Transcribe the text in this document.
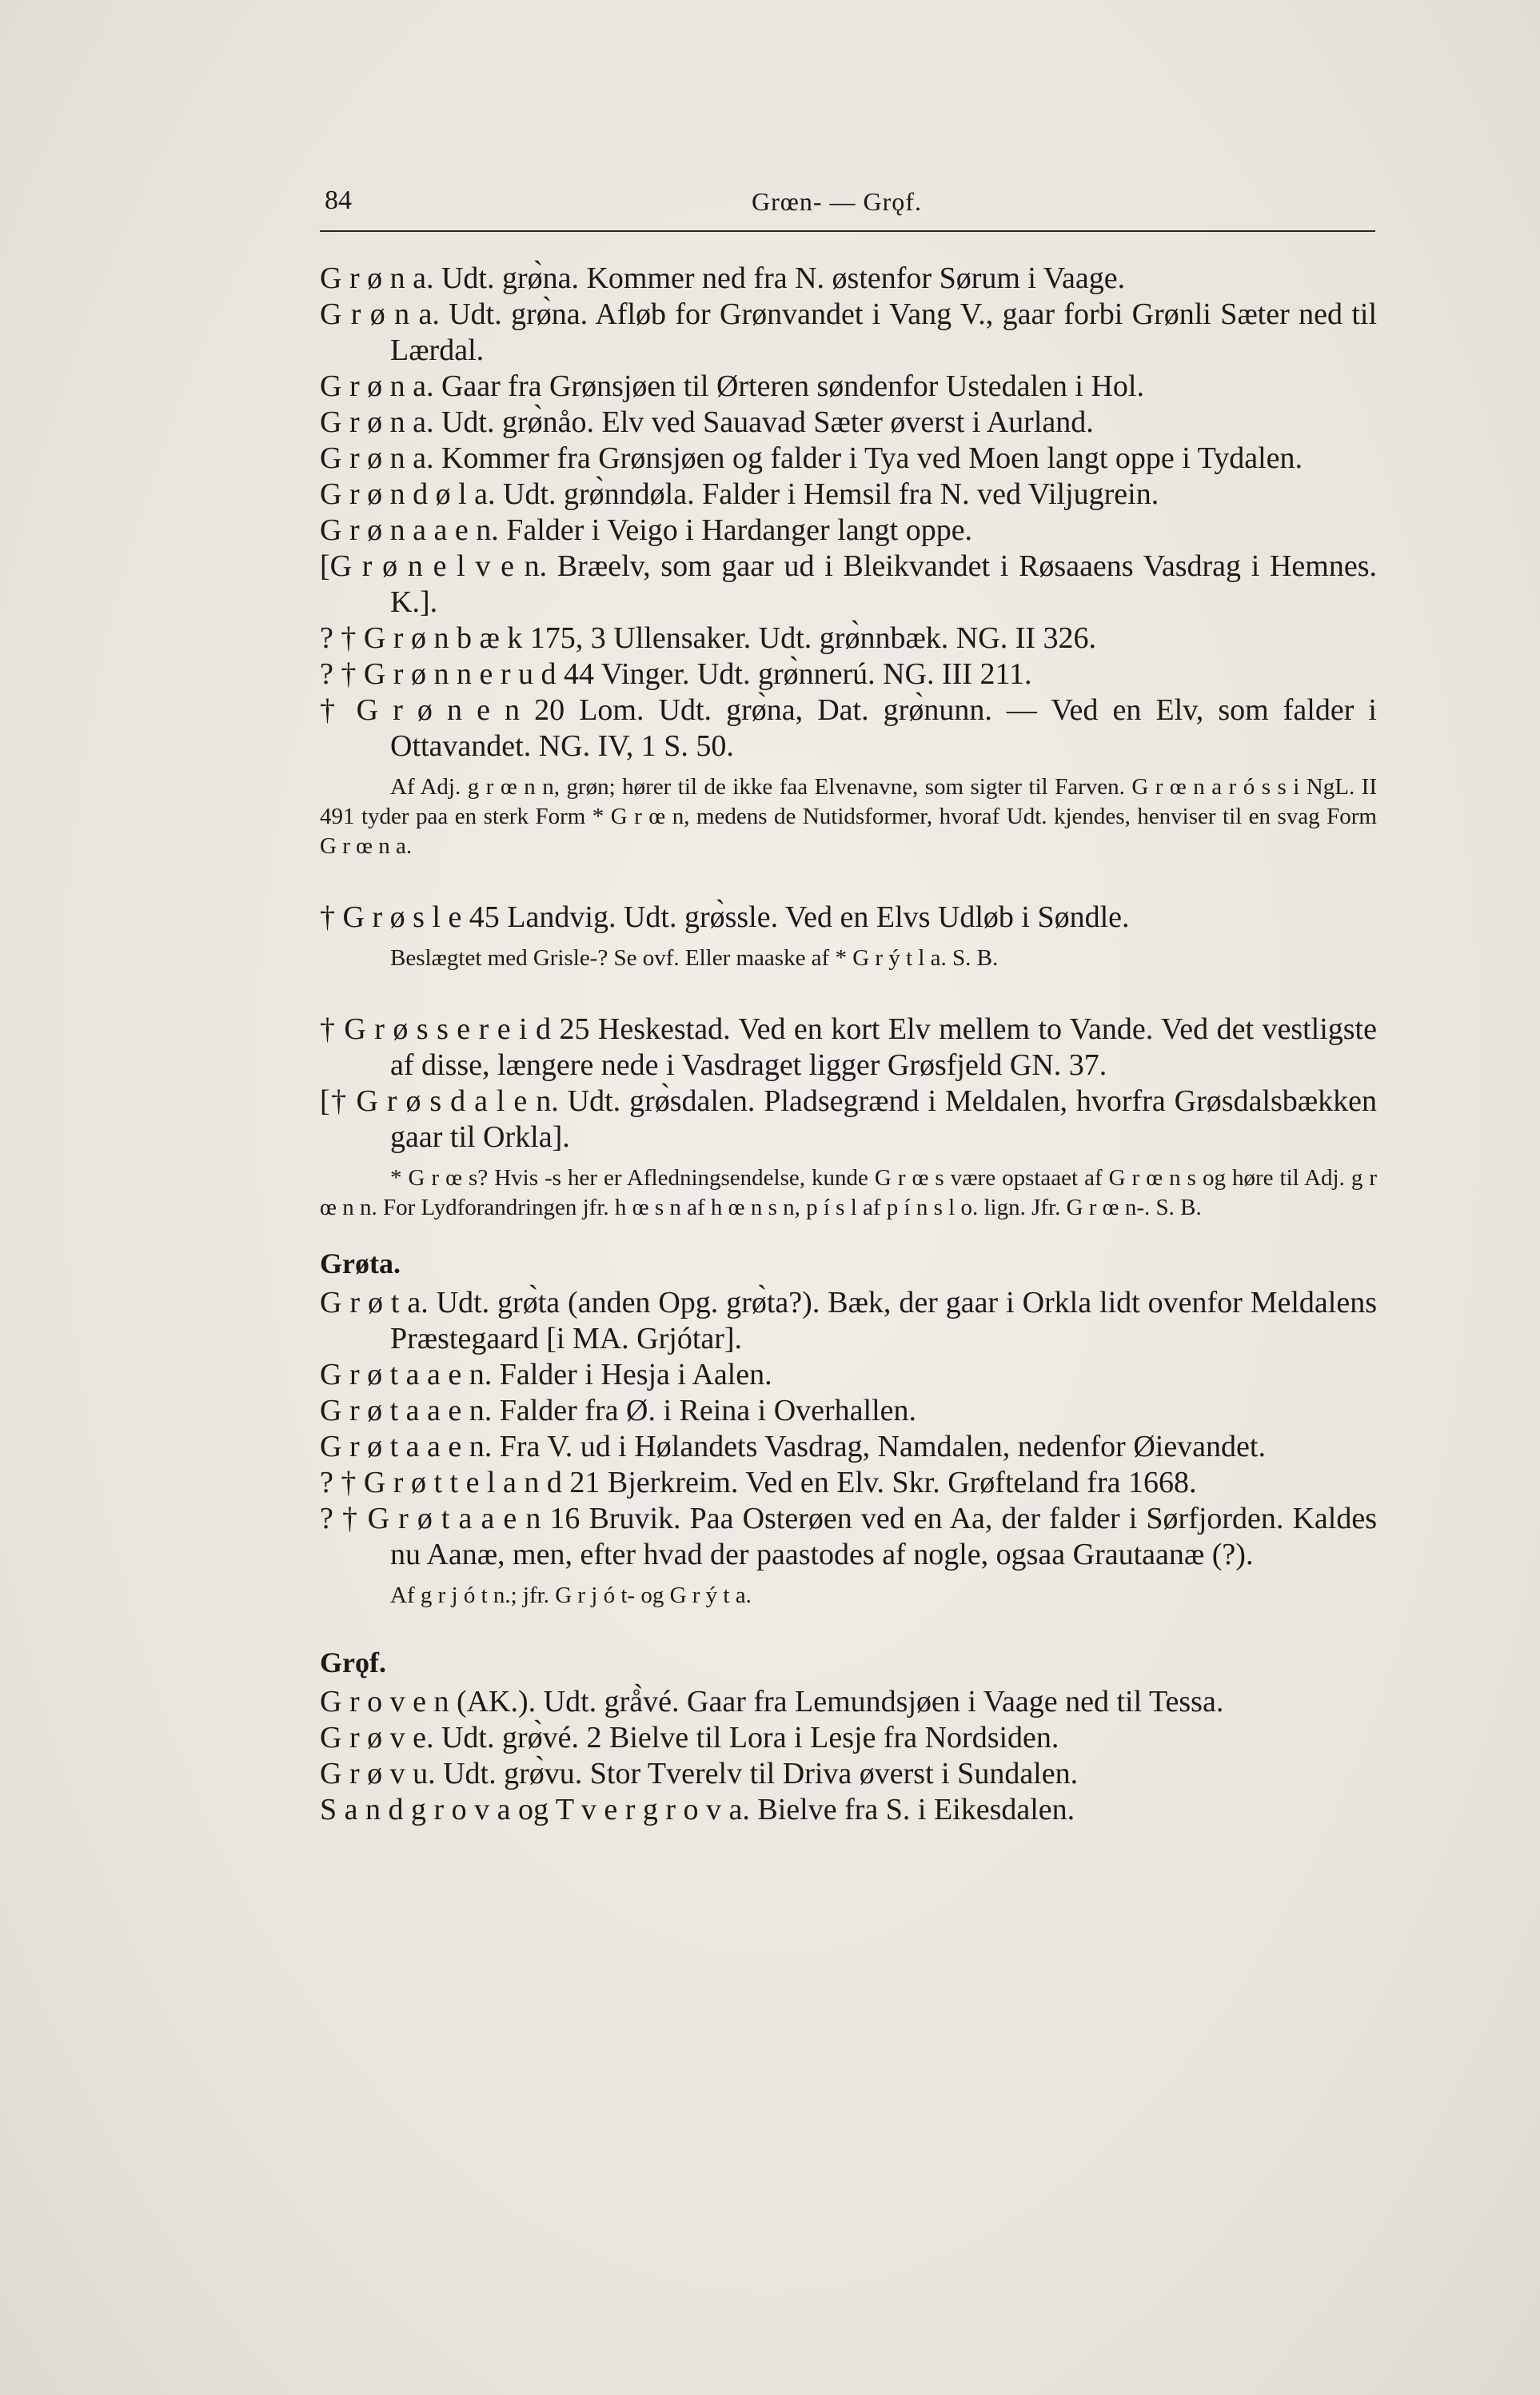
84	Grœn- — Grǫf.

G r ø n a. Udt. grø̀na. Kommer ned fra N. østenfor Sørum i Vaage.

G r ø n a. Udt. grø̀na. Afløb for Grønvandet i Vang V., gaar forbi Grønli Sæter ned til Lærdal.

G r ø n a. Gaar fra Grønsjøen til Ørteren søndenfor Ustedalen i Hol.

G r ø n a. Udt. grø̀nåo. Elv ved Sauavad Sæter øverst i Aurland.

G r ø n a. Kommer fra Grønsjøen og falder i Tya ved Moen langt oppe i Tydalen.

G r ø n d ø l a. Udt. grø̀nndøla. Falder i Hemsil fra N. ved Viljugrein.

G r ø n a a e n. Falder i Veigo i Hardanger langt oppe.

[G r ø n e l v e n. Bræelv, som gaar ud i Bleikvandet i Røsaaens Vasdrag i Hemnes. K.].

? † G r ø n b æ k 175, 3 Ullensaker. Udt. grø̀nnbæk. NG. II 326.

? † G r ø n n e r u d 44 Vinger. Udt. grø̀nnerú. NG. III 211.

† G r ø n e n 20 Lom. Udt. grø̀na, Dat. grø̀nunn. — Ved en Elv, som falder i Ottavandet. NG. IV, 1 S. 50.

Af Adj. g r œ n n, grøn; hører til de ikke faa Elvenavne, som sigter til Farven. G r œ n a r ó s s i NgL. II 491 tyder paa en sterk Form * G r œ n, medens de Nutidsformer, hvoraf Udt. kjendes, henviser til en svag Form G r œ n a.

† G r ø s l e 45 Landvig. Udt. grø̀ssle. Ved en Elvs Udløb i Søndle.

Beslægtet med Grisle-? Se ovf. Eller maaske af * G r ý t l a. S. B.

† G r ø s s e r e i d 25 Heskestad. Ved en kort Elv mellem to Vande. Ved det vestligste af disse, længere nede i Vasdraget ligger Grøsfjeld GN. 37.

[† G r ø s d a l e n. Udt. grø̀sdalen. Pladsegrænd i Meldalen, hvorfra Grøsdalsbækken gaar til Orkla].

* G r œ s? Hvis -s her er Afledningsendelse, kunde G r œ s være opstaaet af G r œ n s og høre til Adj. g r œ n n. For Lydforandringen jfr. h œ s n af h œ n s n, p í s l af p í n s l o. lign. Jfr. G r œ n-. S. B.

Grøta.

G r ø t a. Udt. grø̀ta (anden Opg. grø̀ta?). Bæk, der gaar i Orkla lidt ovenfor Meldalens Præstegaard [i MA. Grjótar].

G r ø t a a e n. Falder i Hesja i Aalen.

G r ø t a a e n. Falder fra Ø. i Reina i Overhallen.

G r ø t a a e n. Fra V. ud i Hølandets Vasdrag, Namdalen, nedenfor Øievandet.

? † G r ø t t e l a n d 21 Bjerkreim. Ved en Elv. Skr. Grøfteland fra 1668.

? † G r ø t a a e n 16 Bruvik. Paa Osterøen ved en Aa, der falder i Sørfjorden. Kaldes nu Aanæ, men, efter hvad der paastodes af nogle, ogsaa Grautaanæ (?).

Af g r j ó t n.; jfr. G r j ó t- og G r ý t a.

Grǫf.

G r o v e n (AK.). Udt. grå̀vé. Gaar fra Lemundsjøen i Vaage ned til Tessa.

G r ø v e. Udt. grø̀vé. 2 Bielve til Lora i Lesje fra Nordsiden.

G r ø v u. Udt. grø̀vu. Stor Tverelv til Driva øverst i Sundalen.

S a n d g r o v a og T v e r g r o v a. Bielve fra S. i Eikesdalen.
